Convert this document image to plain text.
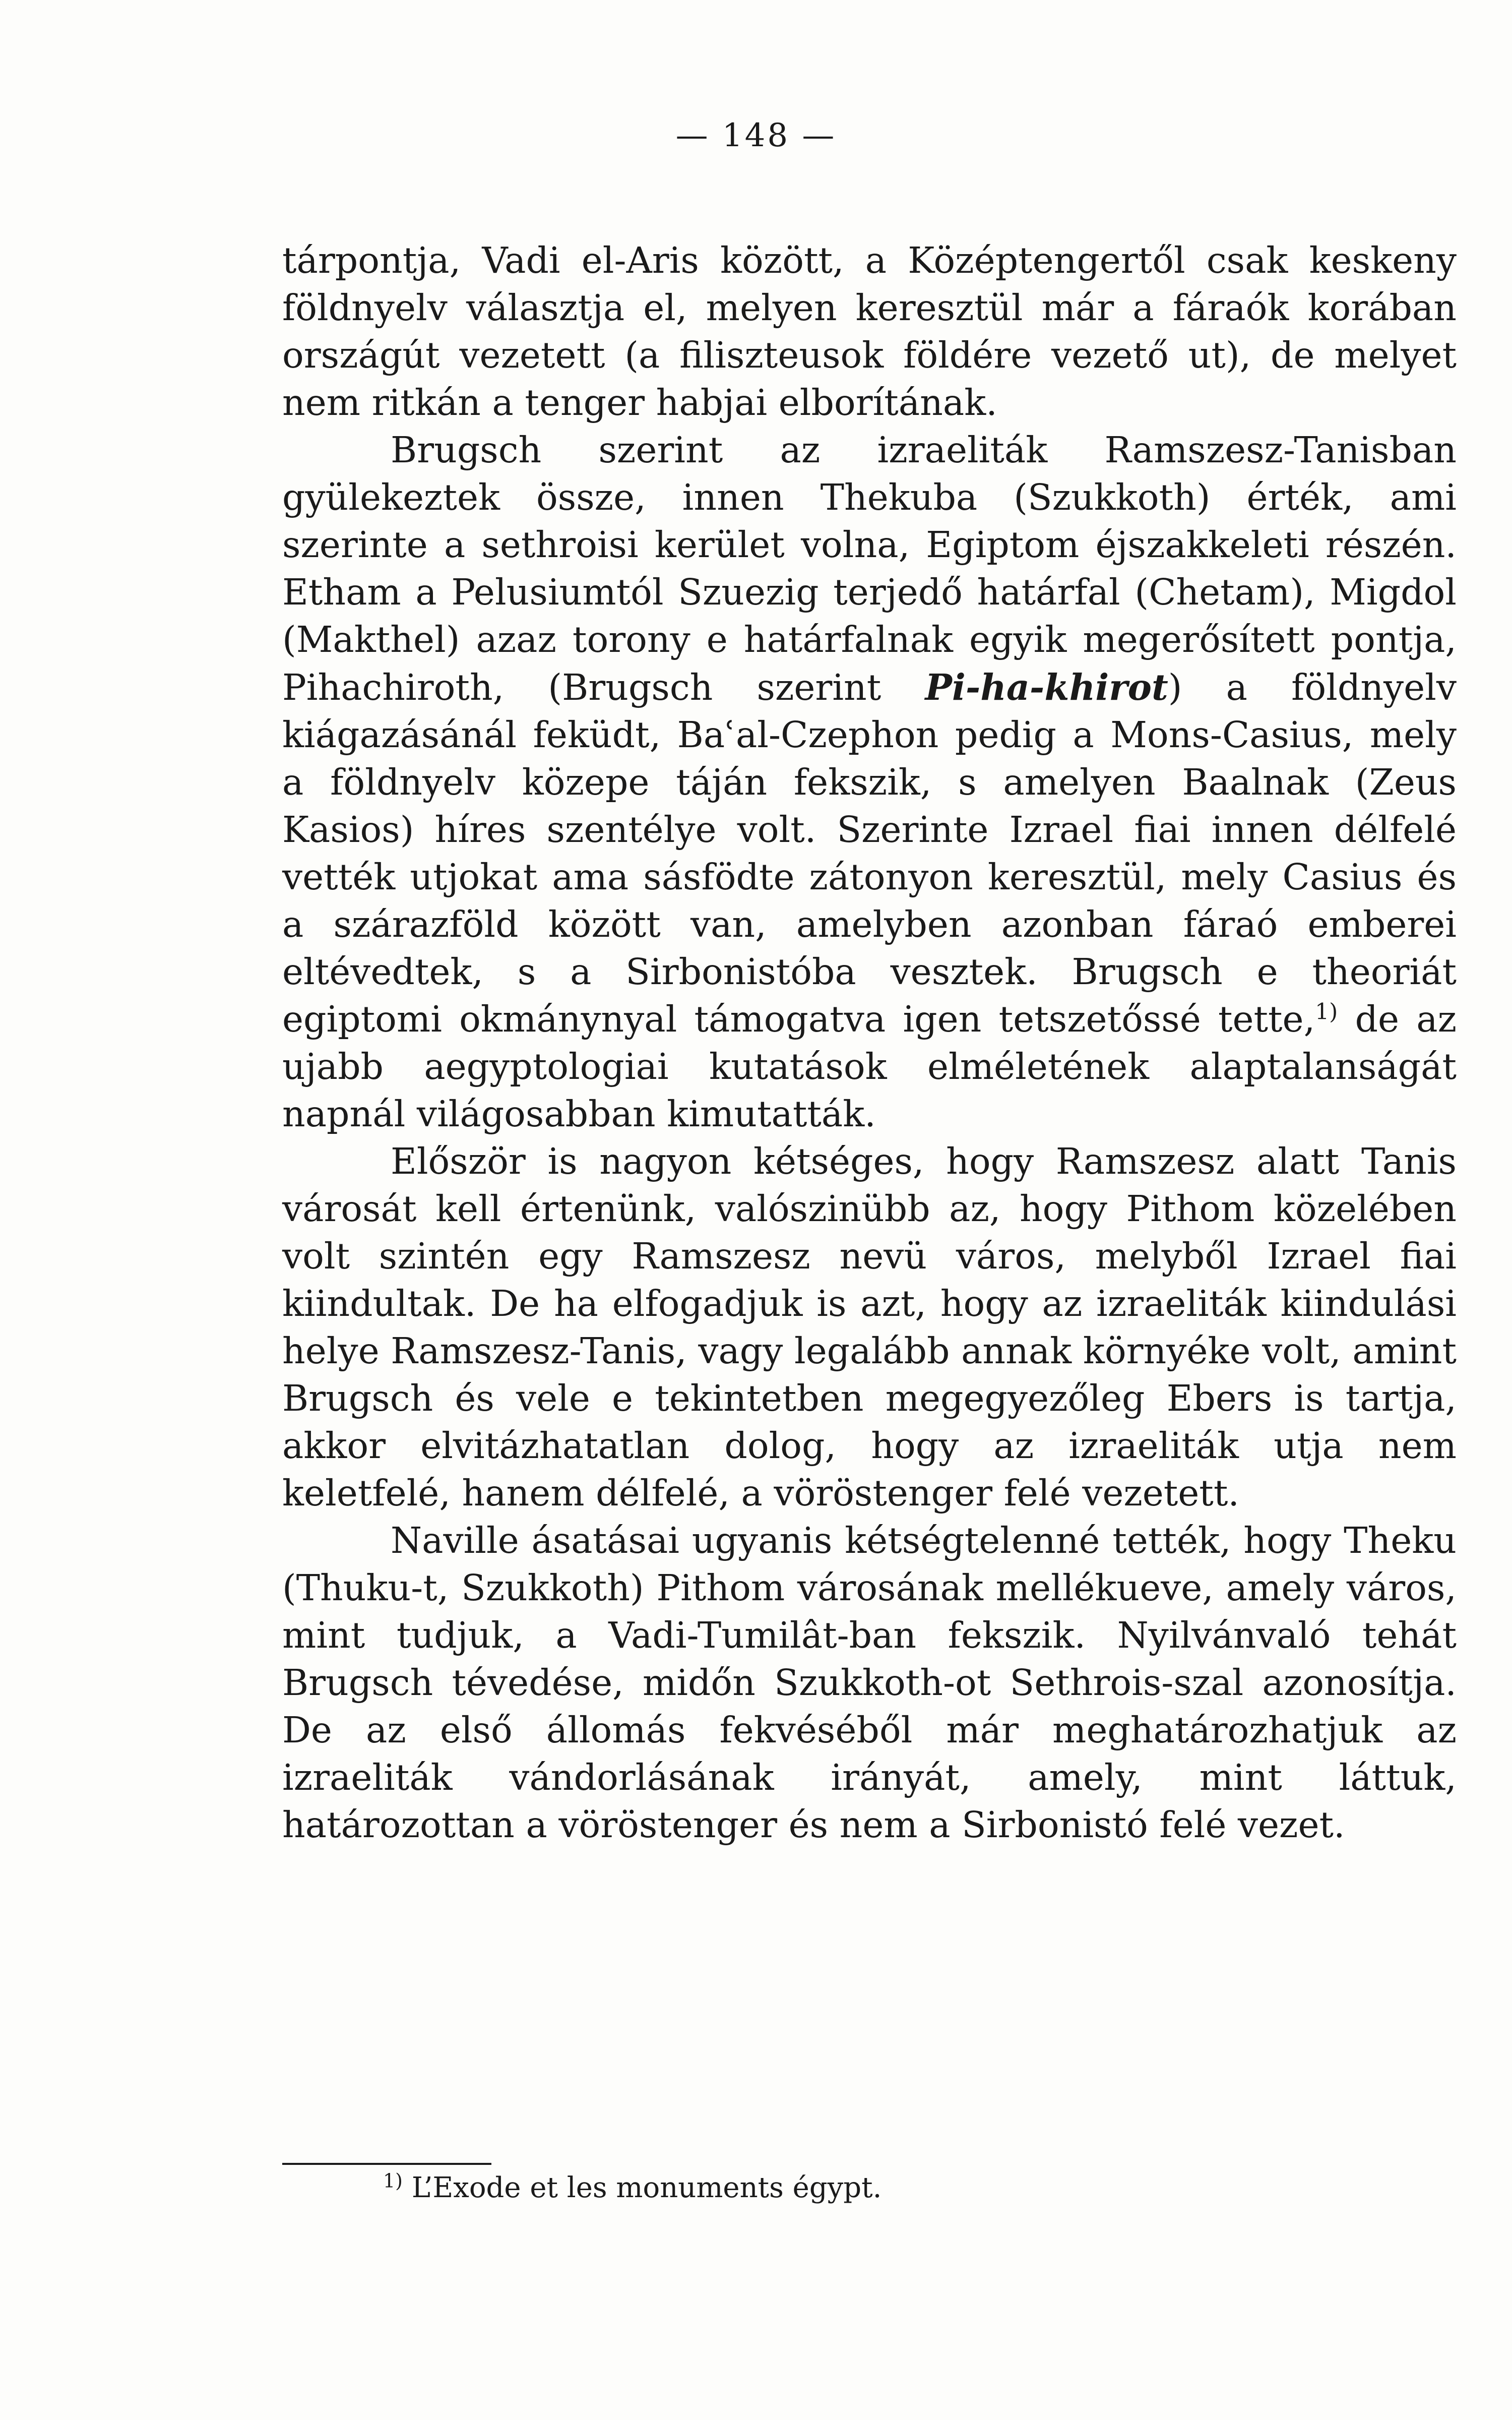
— 148 —

tárpontja, Vadi el-Aris között, a Középtengertől csak keskeny földnyelv választja el, melyen keresztül már a fáraók korában országút vezetett (a filiszteusok földére vezető ut), de melyet nem ritkán a tenger habjai elborítának.

Brugsch szerint az izraeliták Ramszesz-Tanisban gyülekeztek össze, innen Thekuba (Szukkoth) érték, ami szerinte a sethroisi kerület volna, Egiptom éjszakkeleti részén. Etham a Pelusiumtól Szuezig terjedő határfal (Chetam), Migdol (Makthel) azaz torony e határfalnak egyik megerősített pontja, Pihachiroth, (Brugsch szerint Pi-ha-khirot) a földnyelv kiágazásánál feküdt, Baʿal-Czephon pedig a Mons-Casius, mely a földnyelv közepe táján fekszik, s amelyen Baalnak (Zeus Kasios) híres szentélye volt. Szerinte Izrael fiai innen délfelé vették utjokat ama sásfödte zátonyon keresztül, mely Casius és a szárazföld között van, amelyben azonban fáraó emberei eltévedtek, s a Sirbonistóba vesztek. Brugsch e theoriát egiptomi okmánynyal támogatva igen tetszetőssé tette,$^{1)}$ de az ujabb aegyptologiai kutatások elméletének alaptalanságát napnál világosabban kimutatták.

Először is nagyon kétséges, hogy Ramszesz alatt Tanis városát kell értenünk, valószinübb az, hogy Pithom közelében volt szintén egy Ramszesz nevü város, melyből Izrael fiai kiindultak. De ha elfogadjuk is azt, hogy az izraeliták kiindulási helye Ramszesz-Tanis, vagy legalább annak környéke volt, amint Brugsch és vele e tekintetben megegyezőleg Ebers is tartja, akkor elvitázhatatlan dolog, hogy az izraeliták utja nem keletfelé, hanem délfelé, a vöröstenger felé vezetett.

Naville ásatásai ugyanis kétségtelenné tették, hogy Theku (Thuku-t, Szukkoth) Pithom városának mellékueve, amely város, mint tudjuk, a Vadi-Tumilât-ban fekszik. Nyilvánvaló tehát Brugsch tévedése, midőn Szukkoth-ot Sethrois-szal azonosítja. De az első állomás fekvéséből már meghatározhatjuk az izraeliták vándorlásának irányát, amely, mint láttuk, határozottan a vöröstenger és nem a Sirbonistó felé vezet.

$^{1)}$ L’Exode et les monuments égypt.
